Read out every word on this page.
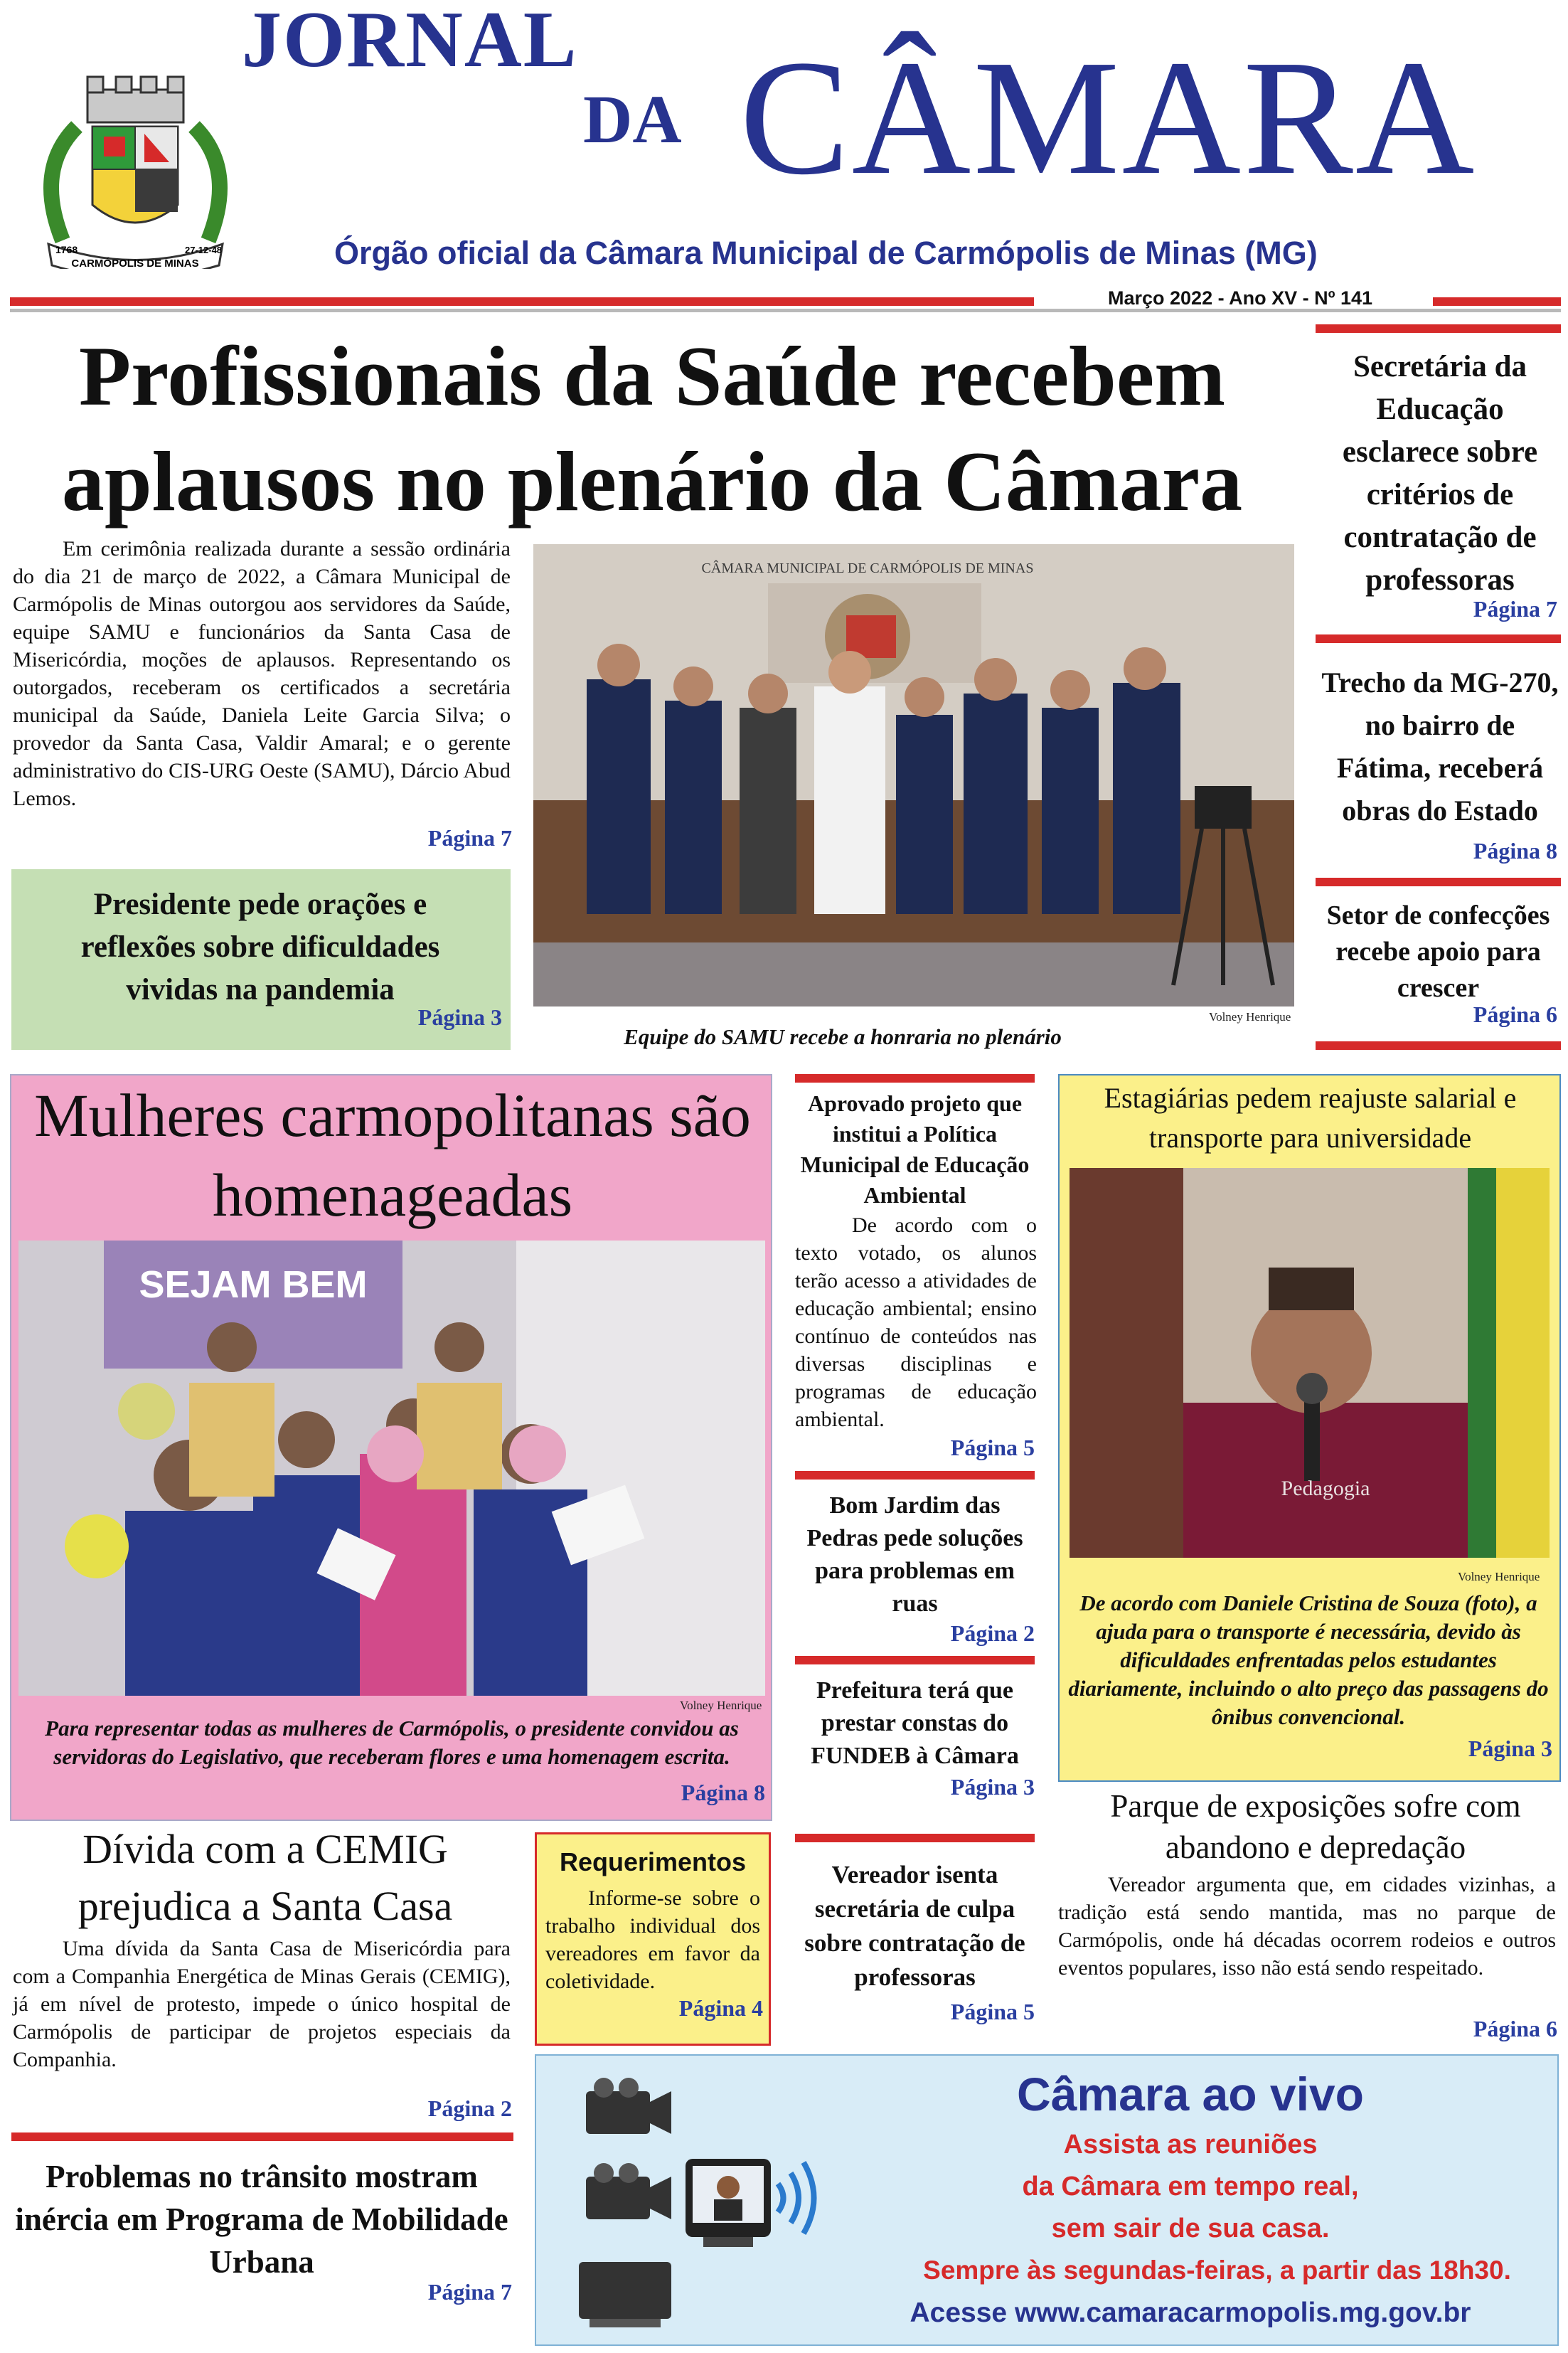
1768	27-12-48
CARMÓPOLIS DE MINAS
JORNAL
DA CÂMARA
Órgão oficial da Câmara Municipal de Carmópolis de Minas (MG)
Março 2022 - Ano XV - Nº 141
Profissionais da Saúde recebem aplausos no plenário da Câmara
Em cerimônia realizada durante a sessão ordinária do dia 21 de março de 2022, a Câmara Municipal de Carmópolis de Minas outorgou aos servidores da Saúde, equipe SAMU e funcionários da Santa Casa de Misericórdia, moções de aplausos. Representando os outorgados, receberam os certificados a secretária municipal da Saúde, Daniela Leite Garcia Silva; o provedor da Santa Casa, Valdir Amaral; e o gerente administrativo do CIS-URG Oeste (SAMU), Dárcio Abud Lemos.
Página 7
CÂMARA MUNICIPAL DE CARMÓPOLIS DE MINAS
Volney Henrique
Equipe do SAMU recebe a honraria no plenário
Secretária da Educação esclarece sobre critérios de contratação de professoras
Página 7
Trecho da MG-270, no bairro de Fátima, receberá obras do Estado
Página 8
Setor de confecções recebe apoio para crescer
Página 6
Presidente pede orações e reflexões sobre dificuldades vividas na pandemia
Página 3
Mulheres carmopolitanas são homenageadas
SEJAM BEM
Volney Henrique
Para representar todas as mulheres de Carmópolis, o presidente convidou as servidoras do Legislativo, que receberam flores e uma homenagem escrita.
Página 8
Aprovado projeto que institui a Política Municipal de Educação Ambiental
De acordo com o texto votado, os alunos terão acesso a atividades de educação ambiental; ensino contínuo de conteúdos nas diversas disciplinas e programas de educação ambiental.
Página 5
Bom Jardim das Pedras pede soluções para problemas em ruas
Página 2
Prefeitura terá que prestar constas do FUNDEB à Câmara
Página 3
Vereador isenta secretária de culpa sobre contratação de professoras
Página 5
Estagiárias pedem reajuste salarial e transporte para universidade
Pedagogia
Volney Henrique
De acordo com Daniele Cristina de Souza (foto), a ajuda para o transporte é necessária, devido às dificuldades enfrentadas pelos estudantes diariamente, incluindo o alto preço das passagens do ônibus convencional.
Página 3
Parque de exposições sofre com abandono e depredação
Vereador argumenta que, em cidades vizinhas, a tradição está sendo mantida, mas no parque de Carmópolis, onde há décadas ocorrem rodeios e outros eventos populares, isso não está sendo respeitado.
Página 6
Dívida com a CEMIG prejudica a Santa Casa
Uma dívida da Santa Casa de Misericórdia para com a Companhia Energética de Minas Gerais (CEMIG), já em nível de protesto, impede o único hospital de Carmópolis de participar de projetos especiais da Companhia.
Página 2
Requerimentos
Informe-se sobre o trabalho individual dos vereadores em favor da coletividade.
Página 4
Problemas no trânsito mostram inércia em Programa de Mobilidade Urbana
Página 7
Câmara ao vivo
Assista as reuniões
da Câmara em tempo real,
sem sair de sua casa.
Sempre às segundas-feiras, a partir das 18h30.
Acesse www.camaracarmopolis.mg.gov.br
